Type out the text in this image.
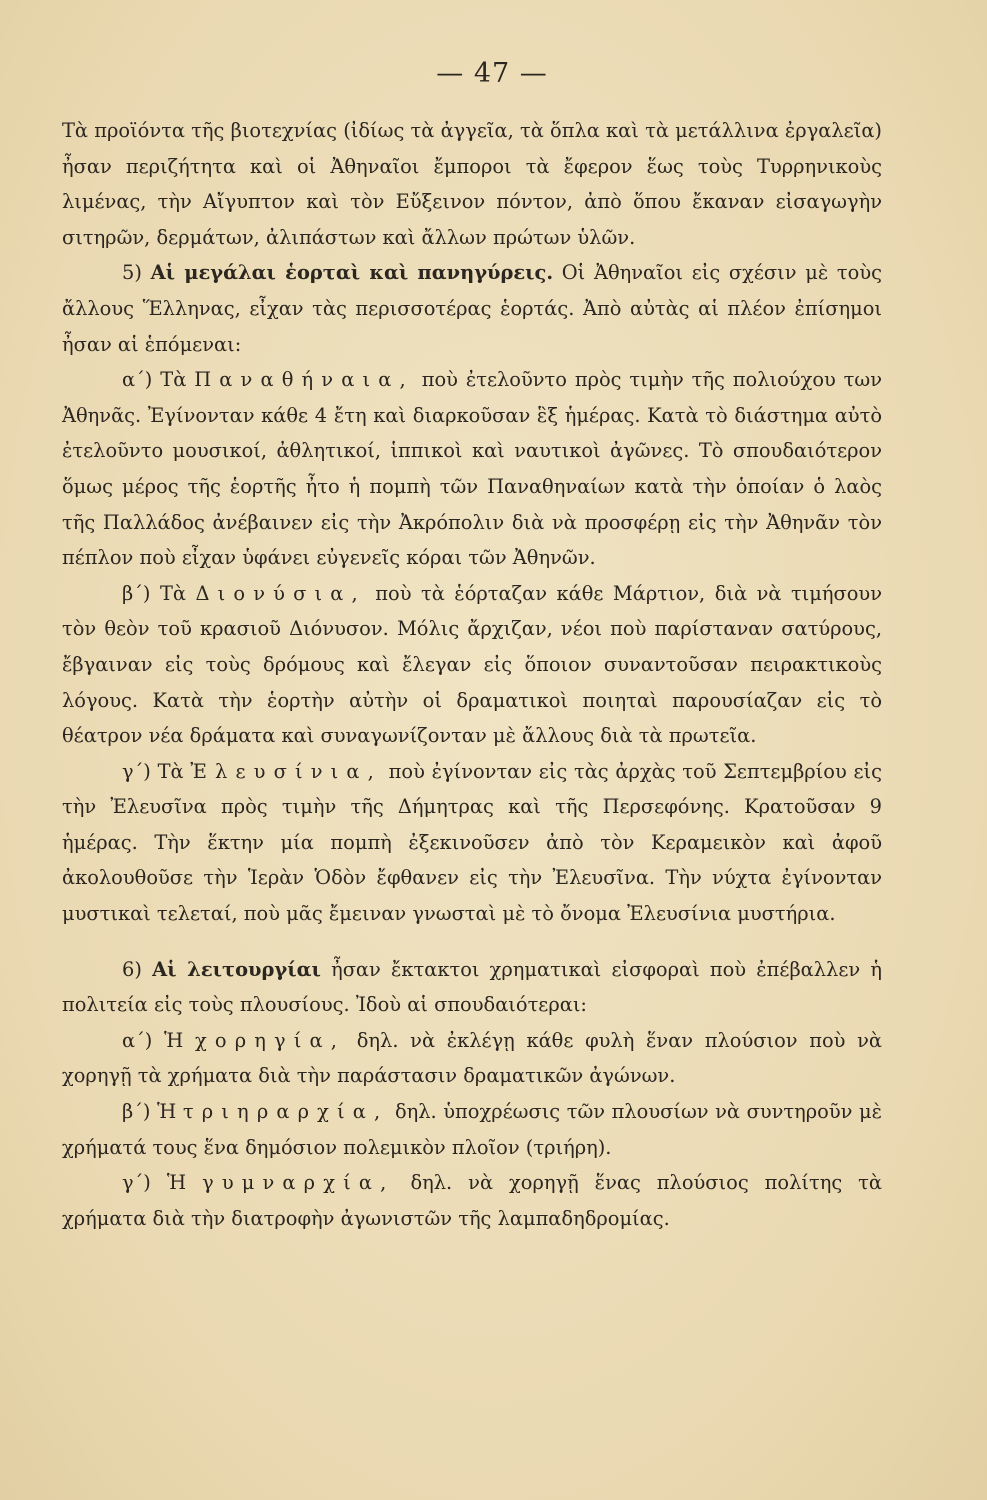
— 47 —

Τὰ προϊόντα τῆς βιοτεχνίας (ἰδίως τὰ ἀγγεῖα, τὰ ὅπλα καὶ τὰ μετάλλινα ἐργαλεῖα) ἦσαν περιζήτητα καὶ οἱ Ἀθηναῖοι ἔμποροι τὰ ἔφερον ἕως τοὺς Τυρρηνικοὺς λιμένας, τὴν Αἴγυπτον καὶ τὸν Εὔξεινον πόντον, ἀπὸ ὅπου ἔκαναν εἰσαγωγὴν σιτηρῶν, δερμάτων, ἀλιπάστων καὶ ἄλλων πρώτων ὑλῶν.

5) Αἱ μεγάλαι ἑορταὶ καὶ πανηγύρεις. Οἱ Ἀθηναῖοι εἰς σχέσιν μὲ τοὺς ἄλλους Ἕλληνας, εἶχαν τὰς περισσοτέρας ἑορτάς. Ἀπὸ αὐτὰς αἱ πλέον ἐπίσημοι ἦσαν αἱ ἑπόμεναι:

α΄) Τὰ Παναθήναια, ποὺ ἐτελοῦντο πρὸς τιμὴν τῆς πολιούχου των Ἀθηνᾶς. Ἐγίνονταν κάθε 4 ἔτη καὶ διαρκοῦσαν ἓξ ἡμέρας. Κατὰ τὸ διάστημα αὐτὸ ἐτελοῦντο μουσικοί, ἀθλητικοί, ἱππικοὶ καὶ ναυτικοὶ ἀγῶνες. Τὸ σπουδαιότερον ὅμως μέρος τῆς ἑορτῆς ἦτο ἡ πομπὴ τῶν Παναθηναίων κατὰ τὴν ὁποίαν ὁ λαὸς τῆς Παλλάδος ἀνέβαινεν εἰς τὴν Ἀκρόπολιν διὰ νὰ προσφέρῃ εἰς τὴν Ἀθηνᾶν τὸν πέπλον ποὺ εἶχαν ὑφάνει εὐγενεῖς κόραι τῶν Ἀθηνῶν.

β΄) Τὰ Διονύσια, ποὺ τὰ ἑόρταζαν κάθε Μάρτιον, διὰ νὰ τιμήσουν τὸν θεὸν τοῦ κρασιοῦ Διόνυσον. Μόλις ἄρχιζαν, νέοι ποὺ παρίσταναν σατύρους, ἔβγαιναν εἰς τοὺς δρόμους καὶ ἔλεγαν εἰς ὅποιον συναντοῦσαν πειρακτικοὺς λόγους. Κατὰ τὴν ἑορτὴν αὐτὴν οἱ δραματικοὶ ποιηταὶ παρουσίαζαν εἰς τὸ θέατρον νέα δράματα καὶ συναγωνίζονταν μὲ ἄλλους διὰ τὰ πρωτεῖα.

γ΄) Τὰ Ἐλευσίνια, ποὺ ἐγίνονταν εἰς τὰς ἀρχὰς τοῦ Σεπτεμβρίου εἰς τὴν Ἐλευσῖνα πρὸς τιμὴν τῆς Δήμητρας καὶ τῆς Περσεφόνης. Κρατοῦσαν 9 ἡμέρας. Τὴν ἕκτην μία πομπὴ ἐξεκινοῦσεν ἀπὸ τὸν Κεραμεικὸν καὶ ἀφοῦ ἀκολουθοῦσε τὴν Ἱερὰν Ὁδὸν ἔφθανεν εἰς τὴν Ἐλευσῖνα. Τὴν νύχτα ἐγίνονταν μυστικαὶ τελεταί, ποὺ μᾶς ἔμειναν γνωσταὶ μὲ τὸ ὄνομα Ἐλευσίνια μυστήρια.

6) Αἱ λειτουργίαι ἦσαν ἔκτακτοι χρηματικαὶ εἰσφοραὶ ποὺ ἐπέβαλλεν ἡ πολιτεία εἰς τοὺς πλουσίους. Ἰδοὺ αἱ σπουδαιότεραι:

α΄) Ἡ χορηγία, δηλ. νὰ ἐκλέγῃ κάθε φυλὴ ἕναν πλούσιον ποὺ νὰ χορηγῇ τὰ χρήματα διὰ τὴν παράστασιν δραματικῶν ἀγώνων.

β΄) Ἡ τριηραρχία, δηλ. ὑποχρέωσις τῶν πλουσίων νὰ συντηροῦν μὲ χρήματά τους ἕνα δημόσιον πολεμικὸν πλοῖον (τριήρη).

γ΄) Ἡ γυμναρχία, δηλ. νὰ χορηγῇ ἕνας πλούσιος πολίτης τὰ χρήματα διὰ τὴν διατροφὴν ἀγωνιστῶν τῆς λαμπαδηδρομίας.
